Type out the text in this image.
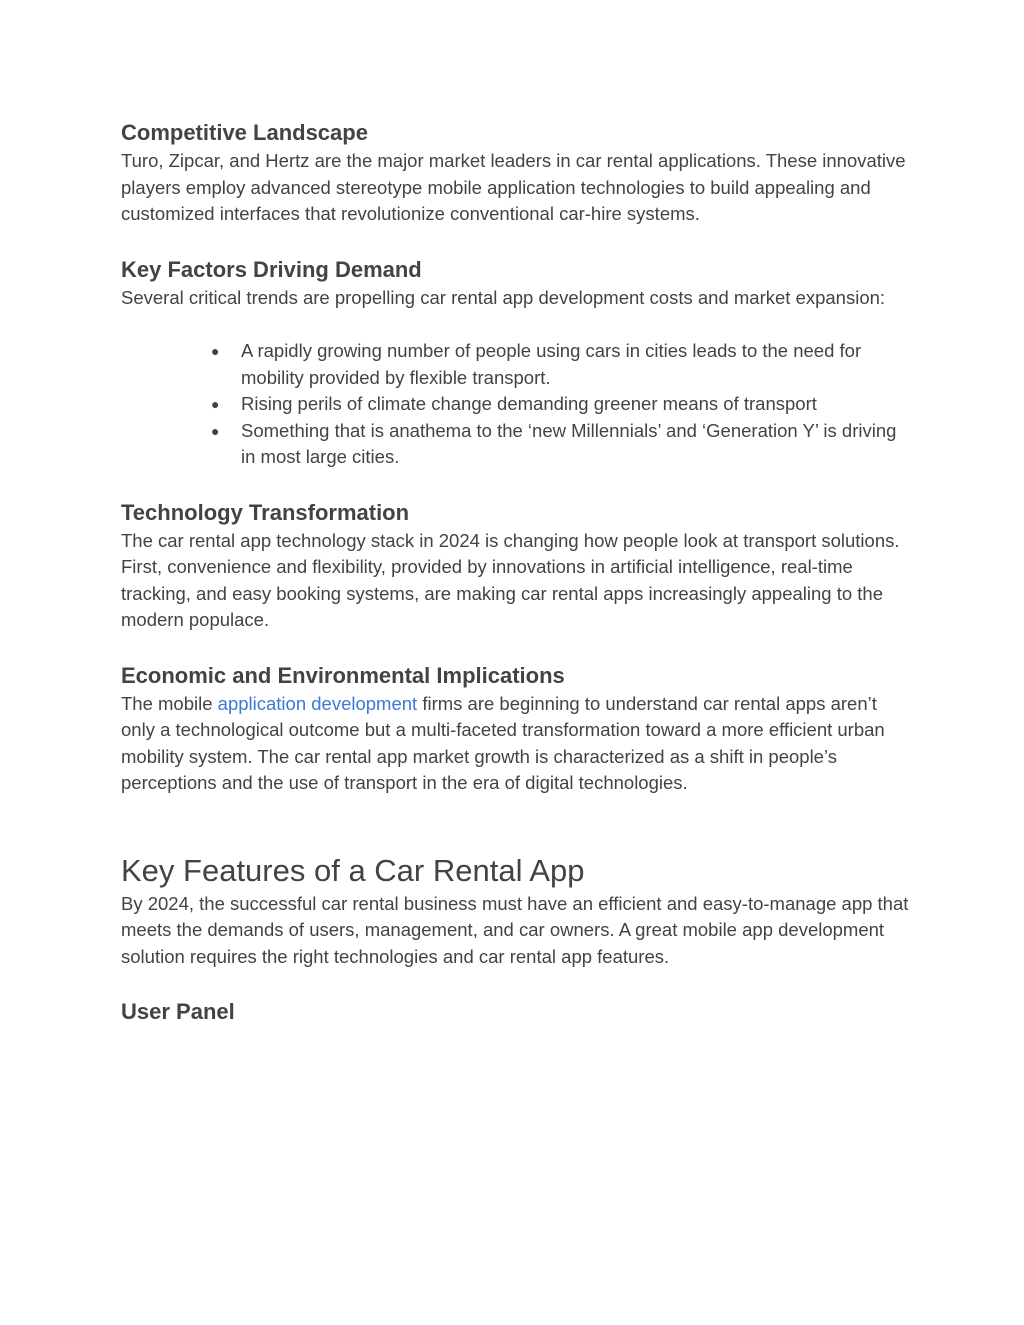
Competitive Landscape

Turo, Zipcar, and Hertz are the major market leaders in car rental applications. These innovative players employ advanced stereotype mobile application technologies to build appealing and customized interfaces that revolutionize conventional car-hire systems.

Key Factors Driving Demand

Several critical trends are propelling car rental app development costs and market expansion:

● A rapidly growing number of people using cars in cities leads to the need for mobility provided by flexible transport.
● Rising perils of climate change demanding greener means of transport
● Something that is anathema to the ‘new Millennials’ and ‘Generation Y’ is driving in most large cities.
Technology Transformation

The car rental app technology stack in 2024 is changing how people look at transport solutions. First, convenience and flexibility, provided by innovations in artificial intelligence, real-time tracking, and easy booking systems, are making car rental apps increasingly appealing to the modern populace.

Economic and Environmental Implications

The mobile application development firms are beginning to understand car rental apps aren’t only a technological outcome but a multi-faceted transformation toward a more efficient urban mobility system. The car rental app market growth is characterized as a shift in people’s perceptions and the use of transport in the era of digital technologies.

Key Features of a Car Rental App

By 2024, the successful car rental business must have an efficient and easy-to-manage app that meets the demands of users, management, and car owners. A great mobile app development solution requires the right technologies and car rental app features.

User Panel
